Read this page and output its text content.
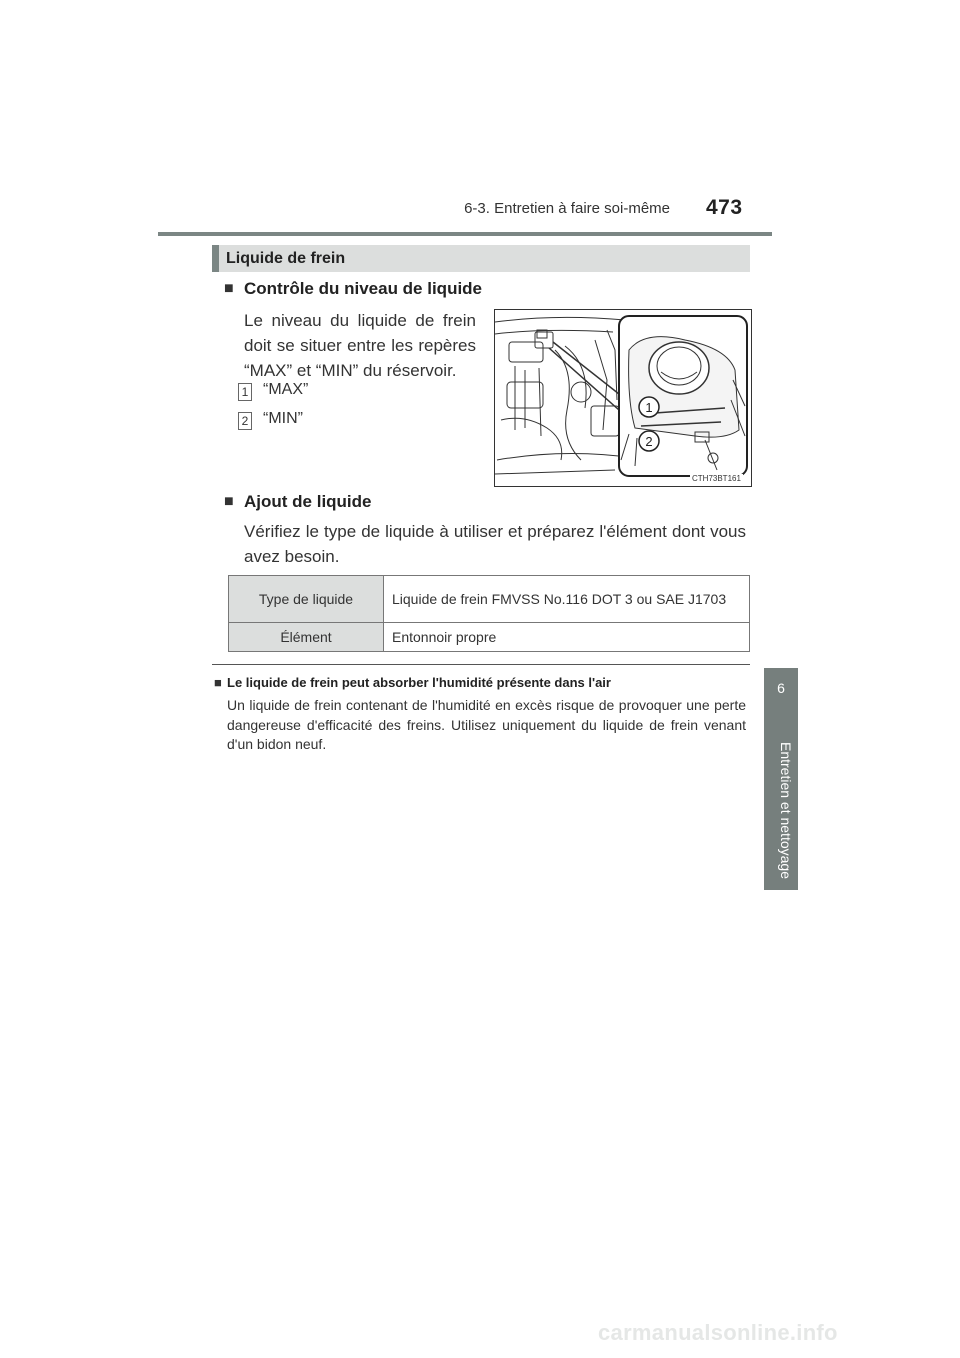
6-3. Entretien à faire soi-même 473
6
Entretien et nettoyage
Liquide de frein
■ Contrôle du niveau de liquide
Le niveau du liquide de frein doit se situer entre les repères “MAX” et “MIN” du réservoir.
1 “MAX”
2 “MIN”
1
2
CTH73BT161
■ Ajout de liquide
Vérifiez le type de liquide à utiliser et préparez l'élément dont vous avez besoin.
Type de liquide	Liquide de frein FMVSS No.116 DOT 3 ou SAE J1703
Élément	Entonnoir propre
■ Le liquide de frein peut absorber l'humidité présente dans l'air
Un liquide de frein contenant de l'humidité en excès risque de provoquer une perte dangereuse d'efficacité des freins. Utilisez uniquement du liquide de frein venant d'un bidon neuf.
carmanualsonline.info
